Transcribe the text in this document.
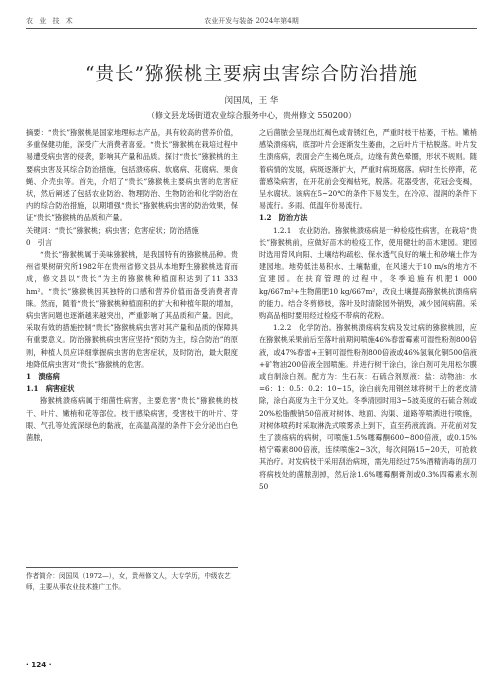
农 业 技 术	农业开发与装备 2024年第4期
“贵长”猕猴桃主要病虫害综合防治措施
闵国凤，王 华
（修文县龙场街道农业综合服务中心，贵州修文 550200）

摘要：“贵长”猕猴桃是国家地理标志产品，具有较高的营养价值，多重保健功能，深受广大消费者喜爱。“贵长”猕猴桃在栽培过程中易遭受病虫害的侵袭，影响其产量和品质。探讨“贵长”猕猴桃的主要病虫害及其综合防治措施，包括溃疡病、软腐病、花腐病、果食蝇、介壳虫等。首先，介绍了“贵长”猕猴桃主要病虫害的危害症状，然后阐述了包括农业防治、物理防治、生物防治和化学防治在内的综合防治措施，以期增强“贵长”猕猴桃病虫害的防治效果，保证“贵长”猕猴桃的品质和产量。

关键词：“贵长”猕猴桃；病虫害；危害症状；防治措施

0　引言

“贵长”猕猴桃属于美味猕猴桃，是我国特有的猕猴桃品种。贵州省果树研究所1982年在贵州省修文县从本地野生猕猴桃选育而成，修文县以“贵长”为主的猕猴桃种植面积达到了11 333 hm²。“贵长”猕猴桃因其独特的口感和营养价值而备受消费者青睐。然而，随着“贵长”猕猴桃种植面积的扩大和种植年限的增加，病虫害问题也逐渐越来越突出，严重影响了其品质和产量。因此，采取有效的措施控制“贵长”猕猴桃病虫害对其产量和品质的保障具有重要意义。防治猕猴桃病虫害应坚持“预防为主，综合防治”的原则，种植人员应详细掌握病虫害的危害症状，及时防治，最大限度地降低病虫害对“贵长”猕猴桃的危害。

1　溃疡病

1.1　病害症状

猕猴桃溃疡病属于细菌性病害，主要危害“贵长”猕猴桃的枝干、叶片、嫩梢和花等部位。枝干感染病害，受害枝干的叶片、芽眼、气孔等处流深绿色的黏液，在高温高湿的条件下会分泌出白色菌脓，

之后菌脓会呈现出红褐色或青锈红色，严重时枝干枯萎，干枯。嫩梢感染溃疡病，底部叶片会逐渐发生萎曲，之后叶片干枯脱落。叶片发生溃疡病，表面会产生褐色斑点，边缘有黄色晕圈，形状不规则。随着病情的发展，病斑逐渐扩大，严重时病斑腐落。病时生长停滞，花蕾感染病害，在开花前会变褐枯死，脱落。花器受害，花冠会变褐，呈水腐状。该病在5~20℃的条件下易发生，在冷凉、湿润的条件下易流行。多雨、低温年份易流行。

1.2　防治方法

1.2.1　农业防治。猕猴桃溃疡病是一种检疫性病害，在栽培“贵长”猕猴桃前，应做好苗木的检疫工作，使用健壮的苗木建园。建园时选用背风向阳、土壤结构疏松、保水透气良好的壤土和砂壤土作为建园地。地势低洼易积水、土壤黏重，在风速大于10 m/s的地方不宜建园。在扶育管理的过程中，冬季追施有机肥1 000 kg/667m²+生物菌肥10 kg/667m²，改良土壤提高猕猴桃抗溃疡病的能力。结合冬剪修枝，落叶及时清除园外销毁，减少园间病菌。采购高品相时要用经过检疫不带病的花粉。

1.2.2　化学防治。猕猴桃溃疡病发病及发过病的猕猴桃园，应在猕猴桃采果前后至落叶前期间喷施46%春雷霉素可湿性粉剂800倍液，或47%春雷+王铜可湿性粉剂800倍液或46%氢氧化铜500倍液+矿物油200倍液全园喷施。并进行树干涂白，涂白剂可先用松尔膜或自制涂白剂。配方为：生石灰：石硫合剂原液：盐：动物油：水=6：1：0.5：0.2：10~15，涂白前先用钢丝球将树干上的老皮清除，涂白高度为主干分叉处。冬季清园时用3~5波美度的石硫合剂或20%松脂酸钠50倍液对树体、地面、沟渠、道路等喷洒进行喷施，对树体喷药时采取淋洗式喷雾杀上到下，直至药液流淌。开花前对发生了溃疡病的病树，可喷施1.5%噻霉酮600~800倍液，或0.15%梧宁霉素800倍液，连续喷施2~3次，每次间隔15~20天，可抢救其治疗。对发病枝干采用刮治病斑，需先用经过75%酒精消毒的刮刀将病枝处的菌脓刮掉，然后涂1.6%噻霉酮膏剂或0.3%四霉素水剂50

作者简介：闵国凤（1972—），女，贵州修文人，大专学历，中级农艺师，主要从事农业技术推广工作。
· 124 ·
